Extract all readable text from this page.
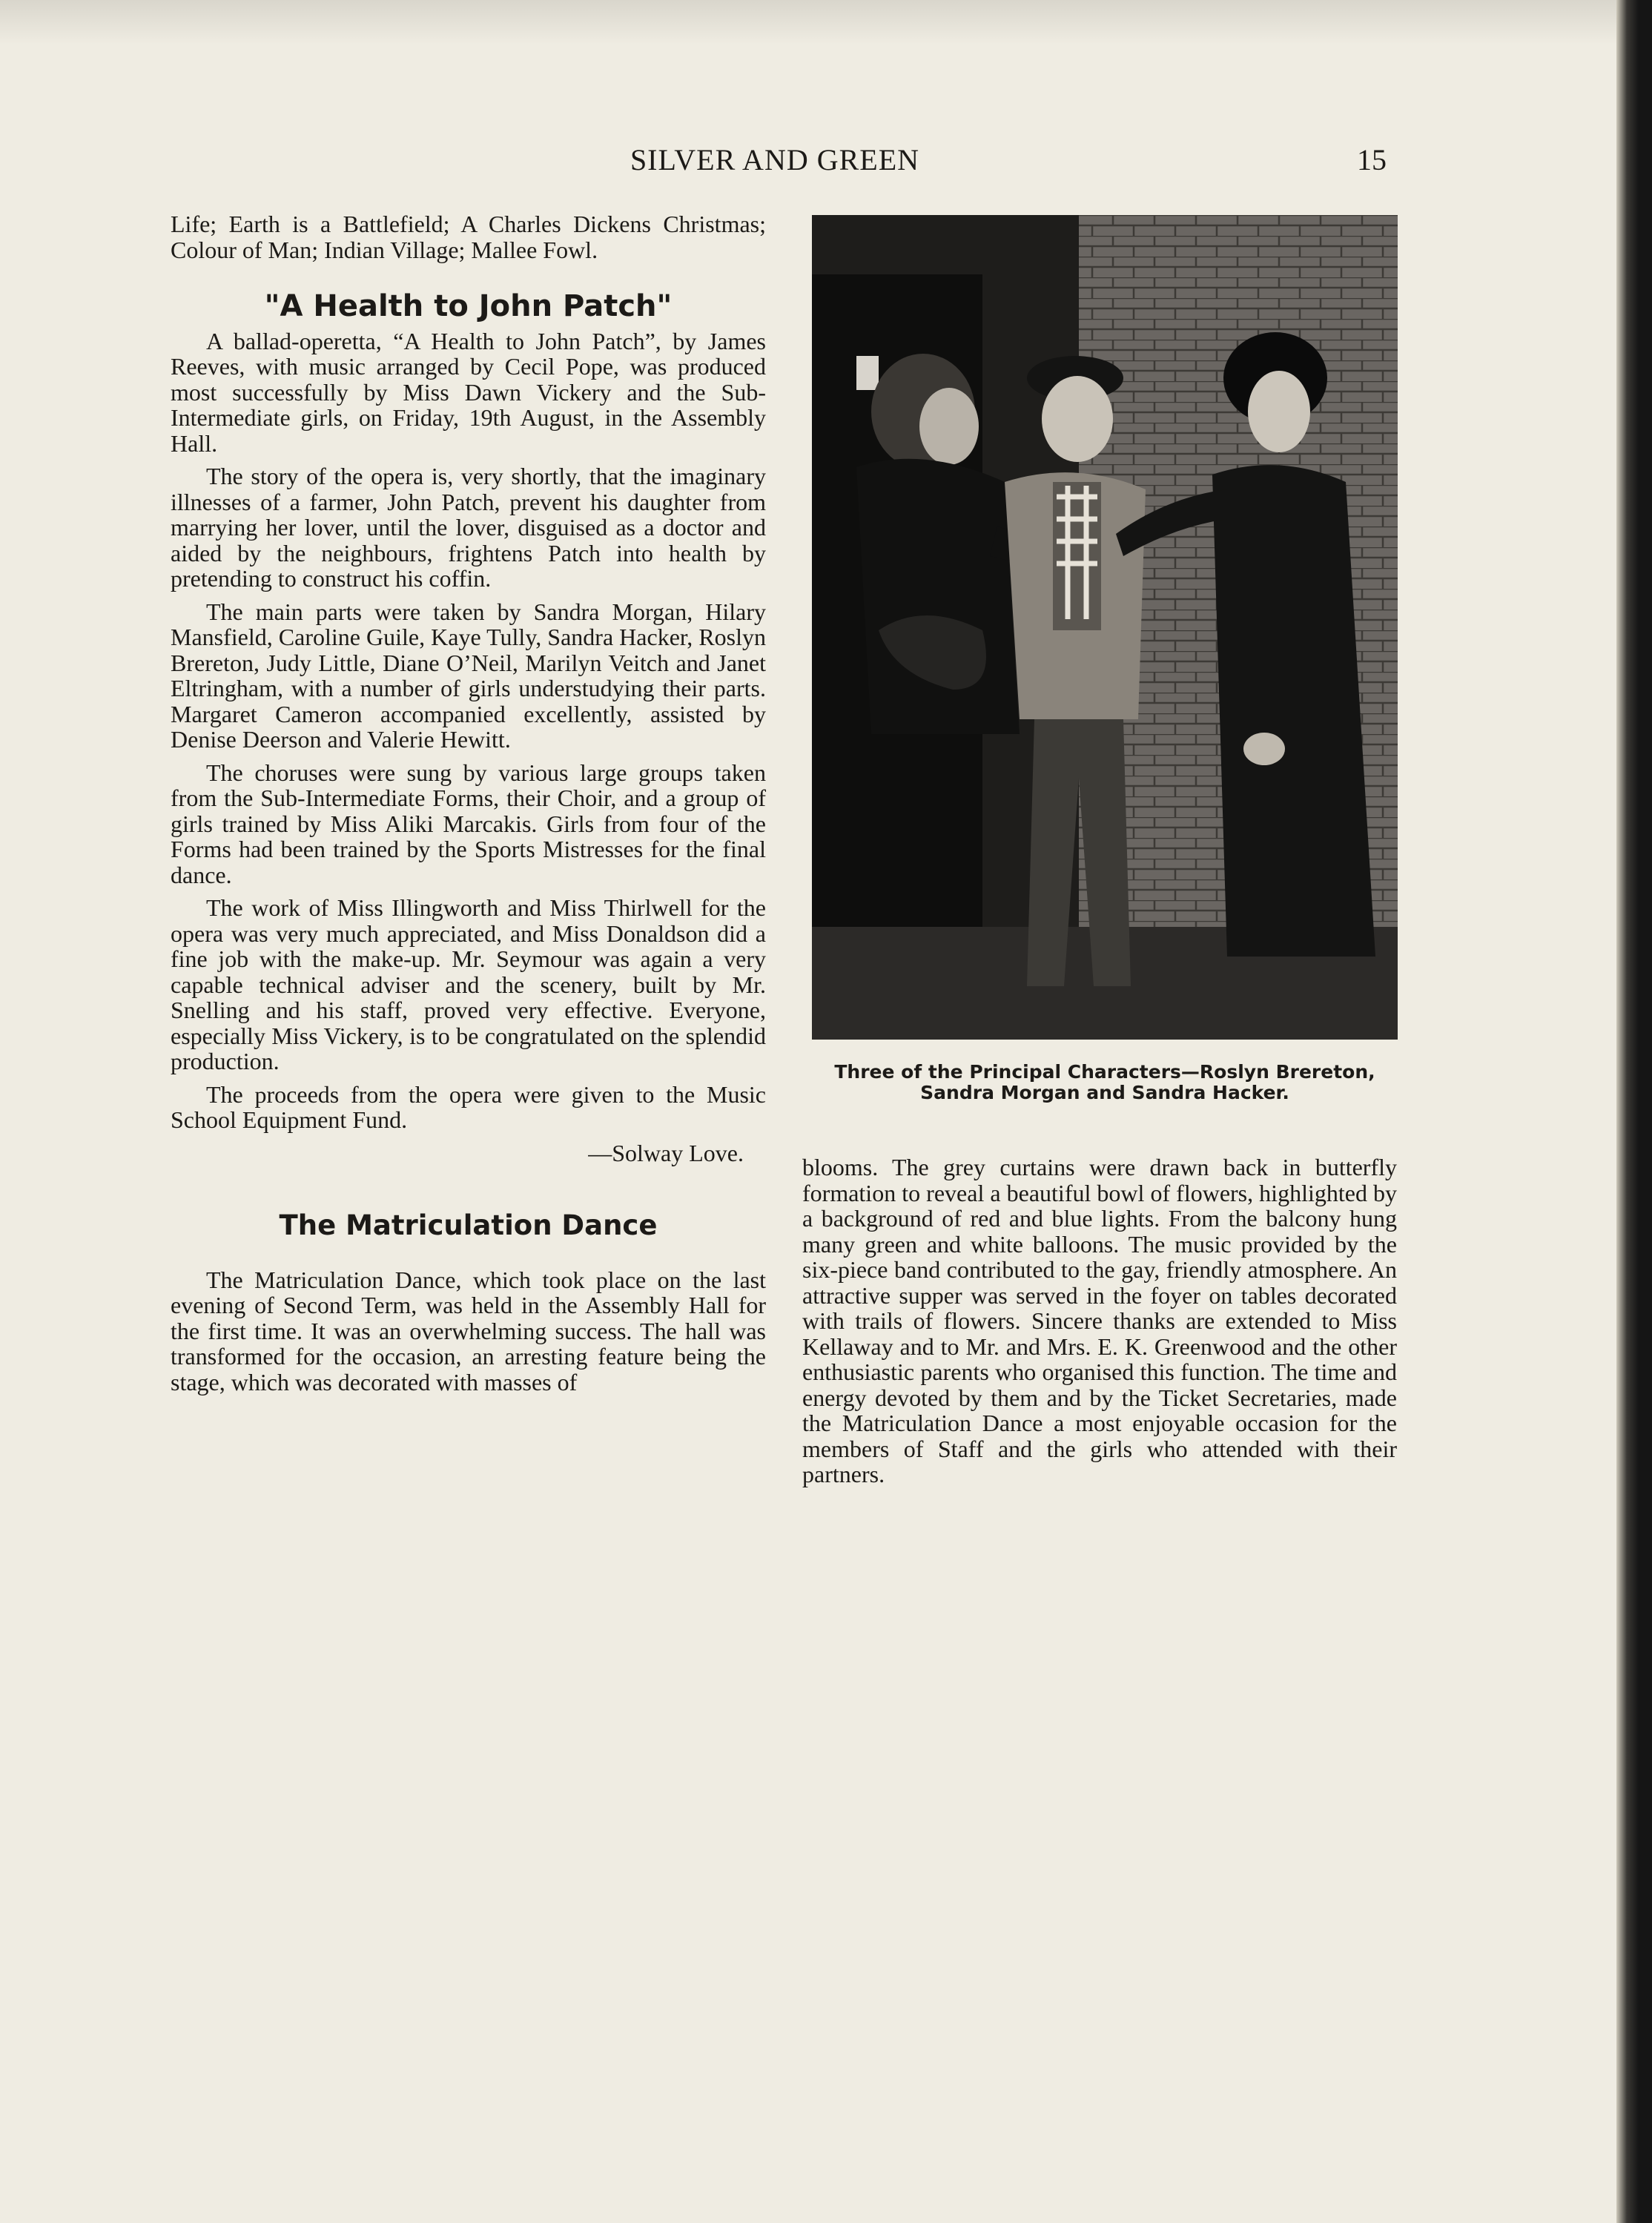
SILVER AND GREEN	15

Life; Earth is a Battlefield; A Charles Dickens Christmas; Colour of Man; Indian Village; Mallee Fowl.

"A Health to John Patch"

A ballad-operetta, “A Health to John Patch”, by James Reeves, with music arranged by Cecil Pope, was produced most successfully by Miss Dawn Vickery and the Sub-Intermediate girls, on Friday, 19th August, in the Assembly Hall.

The story of the opera is, very shortly, that the imaginary illnesses of a farmer, John Patch, prevent his daughter from marrying her lover, until the lover, disguised as a doctor and aided by the neighbours, frightens Patch into health by pretending to construct his coffin.

The main parts were taken by Sandra Morgan, Hilary Mansfield, Caroline Guile, Kaye Tully, Sandra Hacker, Roslyn Brereton, Judy Little, Diane O’Neil, Marilyn Veitch and Janet Eltringham, with a number of girls understudying their parts. Margaret Cameron accompanied excellently, assisted by Denise Deerson and Valerie Hewitt.

The choruses were sung by various large groups taken from the Sub-Intermediate Forms, their Choir, and a group of girls trained by Miss Aliki Marcakis. Girls from four of the Forms had been trained by the Sports Mistresses for the final dance.

The work of Miss Illingworth and Miss Thirlwell for the opera was very much appreciated, and Miss Donaldson did a fine job with the make-up. Mr. Seymour was again a very capable technical adviser and the scenery, built by Mr. Snelling and his staff, proved very effective. Everyone, especially Miss Vickery, is to be congratulated on the splendid production.

The proceeds from the opera were given to the Music School Equipment Fund.

—Solway Love.
The Matriculation Dance

The Matriculation Dance, which took place on the last evening of Second Term, was held in the Assembly Hall for the first time. It was an overwhelming success. The hall was transformed for the occasion, an arresting feature being the stage, which was decorated with masses of

Three of the Principal Characters—Roslyn Brereton, Sandra Morgan and Sandra Hacker.

blooms. The grey curtains were drawn back in butterfly formation to reveal a beautiful bowl of flowers, highlighted by a background of red and blue lights. From the balcony hung many green and white balloons. The music provided by the six-piece band contributed to the gay, friendly atmosphere. An attractive supper was served in the foyer on tables decorated with trails of flowers. Sincere thanks are extended to Miss Kellaway and to Mr. and Mrs. E. K. Greenwood and the other enthusiastic parents who organised this function. The time and energy devoted by them and by the Ticket Secretaries, made the Matriculation Dance a most enjoyable occasion for the members of Staff and the girls who attended with their partners.
